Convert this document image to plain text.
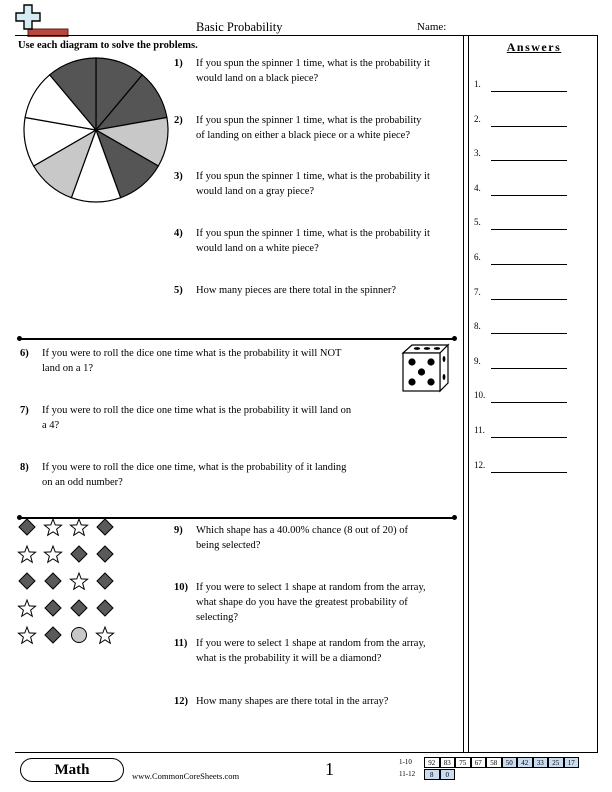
Basic Probability	Name:
Use each diagram to solve the problems.	Answers
1.
2.
3.
4.
5.
6.
7.
8.
9.
10.
11.
12.
1) If you spun the spinner 1 time, what is the probability it
would land on a black piece?
2) If you spun the spinner 1 time, what is the probability
of landing on either a black piece or a white piece?
3) If you spun the spinner 1 time, what is the probability it
would land on a gray piece?
4) If you spun the spinner 1 time, what is the probability it
would land on a white piece?
5) How many pieces are there total in the spinner?
6) If you were to roll the dice one time what is the probability it will NOT
land on a 1?
7) If you were to roll the dice one time what is the probability it will land on
a 4?
8) If you were to roll the dice one time, what is the probability of it landing
on an odd number?
9) Which shape has a 40.00% chance (8 out of 20) of
being selected?
10) If you were to select 1 shape at random from the array,
what shape do you have the greatest probability of
selecting?
11) If you were to select 1 shape at random from the array,
what is the probability it will be a diamond?
12) How many shapes are there total in the array?
Math	www.CommonCoreSheets.com	1	1-10	92	83	75	67	58	50	42	33	25	17
11-12	8	0
